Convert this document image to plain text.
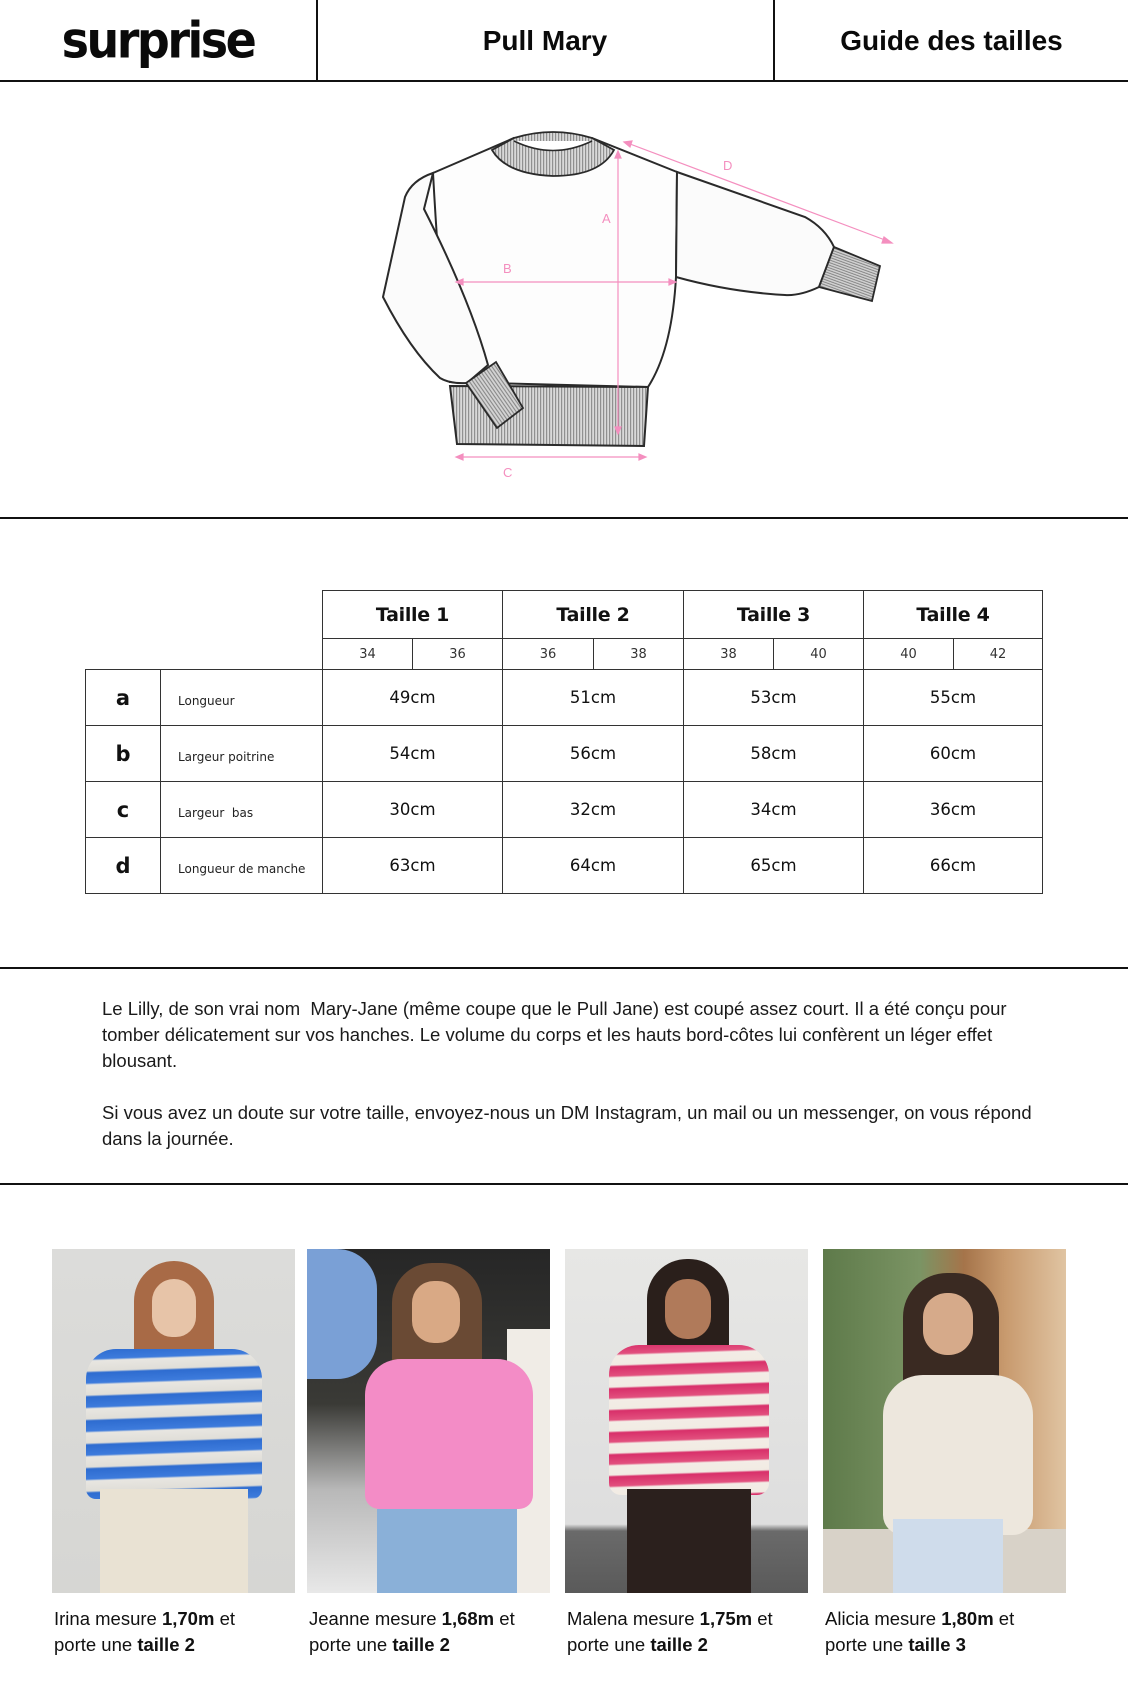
surprise	Pull Mary	Guide des tailles
A
B
C
D
Taille 1	Taille 2	Taille 3	Taille 4
34	36	36	38	38	40	40	42
a	Longueur	49cm	51cm	53cm	55cm
b	Largeur poitrine	54cm	56cm	58cm	60cm
c	Largeur  bas	30cm	32cm	34cm	36cm
d	Longueur de manche	63cm	64cm	65cm	66cm

Le Lilly, de son vrai nom  Mary-Jane (même coupe que le Pull Jane) est coupé assez court. Il a été conçu pour tomber délicatement sur vos hanches. Le volume du corps et les hauts bord-côtes lui confèrent un léger effet blousant.

Si vous avez un doute sur votre taille, envoyez-nous un DM Instagram, un mail ou un messenger, on vous répond dans la journée.

Irina mesure 1,70m et
porte une taille 2
Jeanne mesure 1,68m et
porte une taille 2
Malena mesure 1,75m et
porte une taille 2
Alicia mesure 1,80m et
porte une taille 3
